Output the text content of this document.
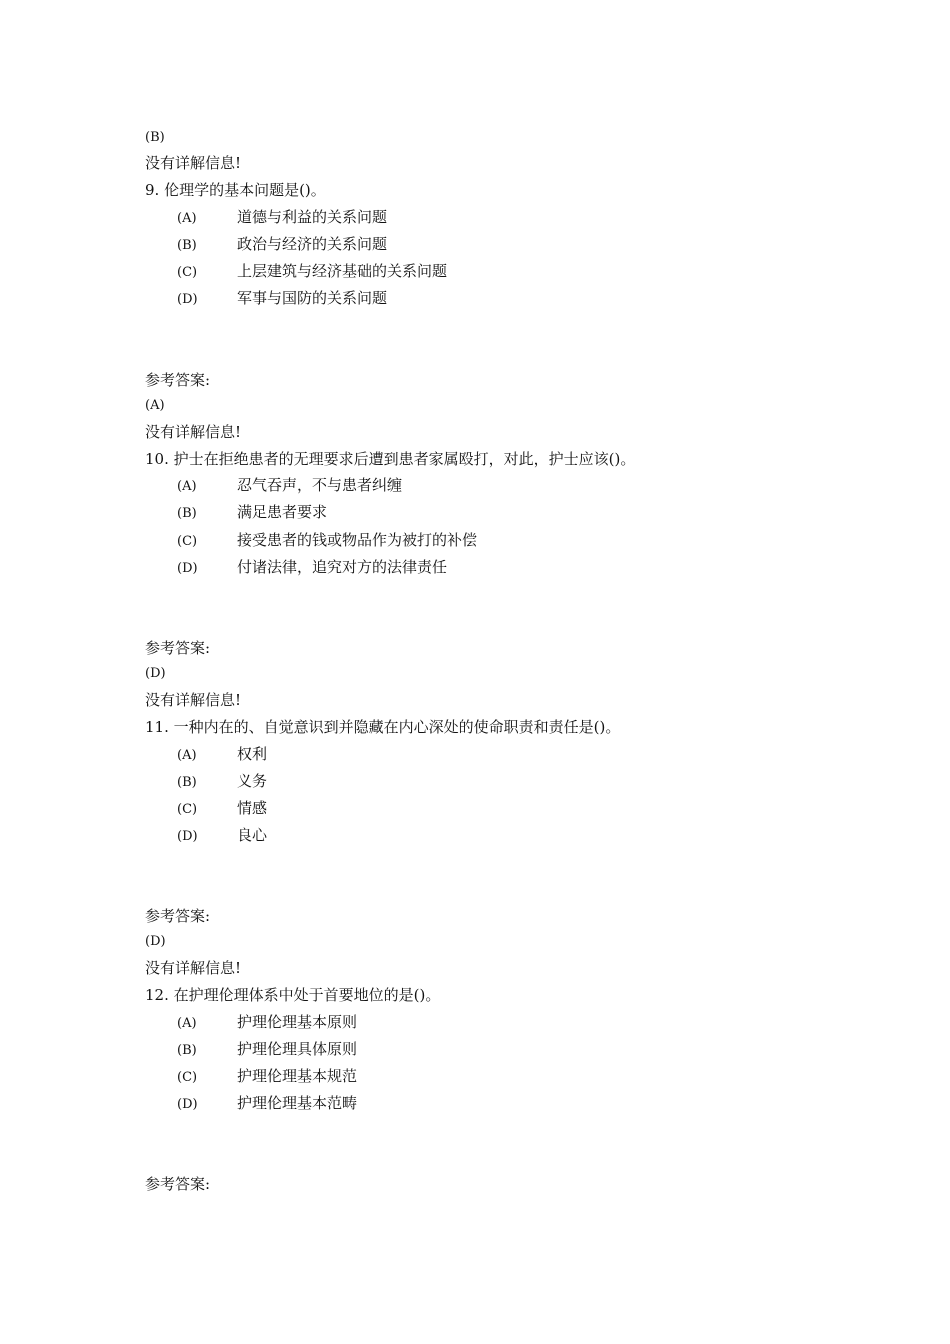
(B)
没有详解信息!
9. 伦理学的基本问题是()。
(A)	道德与利益的关系问题
(B)	政治与经济的关系问题
(C)	上层建筑与经济基础的关系问题
(D)	军事与国防的关系问题
参考答案:
(A)
没有详解信息!
10. 护士在拒绝患者的无理要求后遭到患者家属殴打，对此，护士应该()。
(A)	忍气吞声，不与患者纠缠
(B)	满足患者要求
(C)	接受患者的钱或物品作为被打的补偿
(D)	付诸法律，追究对方的法律责任
参考答案:
(D)
没有详解信息!
11. 一种内在的、自觉意识到并隐藏在内心深处的使命职责和责任是()。
(A)	权利
(B)	义务
(C)	情感
(D)	良心
参考答案:
(D)
没有详解信息!
12. 在护理伦理体系中处于首要地位的是()。
(A)	护理伦理基本原则
(B)	护理伦理具体原则
(C)	护理伦理基本规范
(D)	护理伦理基本范畴
参考答案:
